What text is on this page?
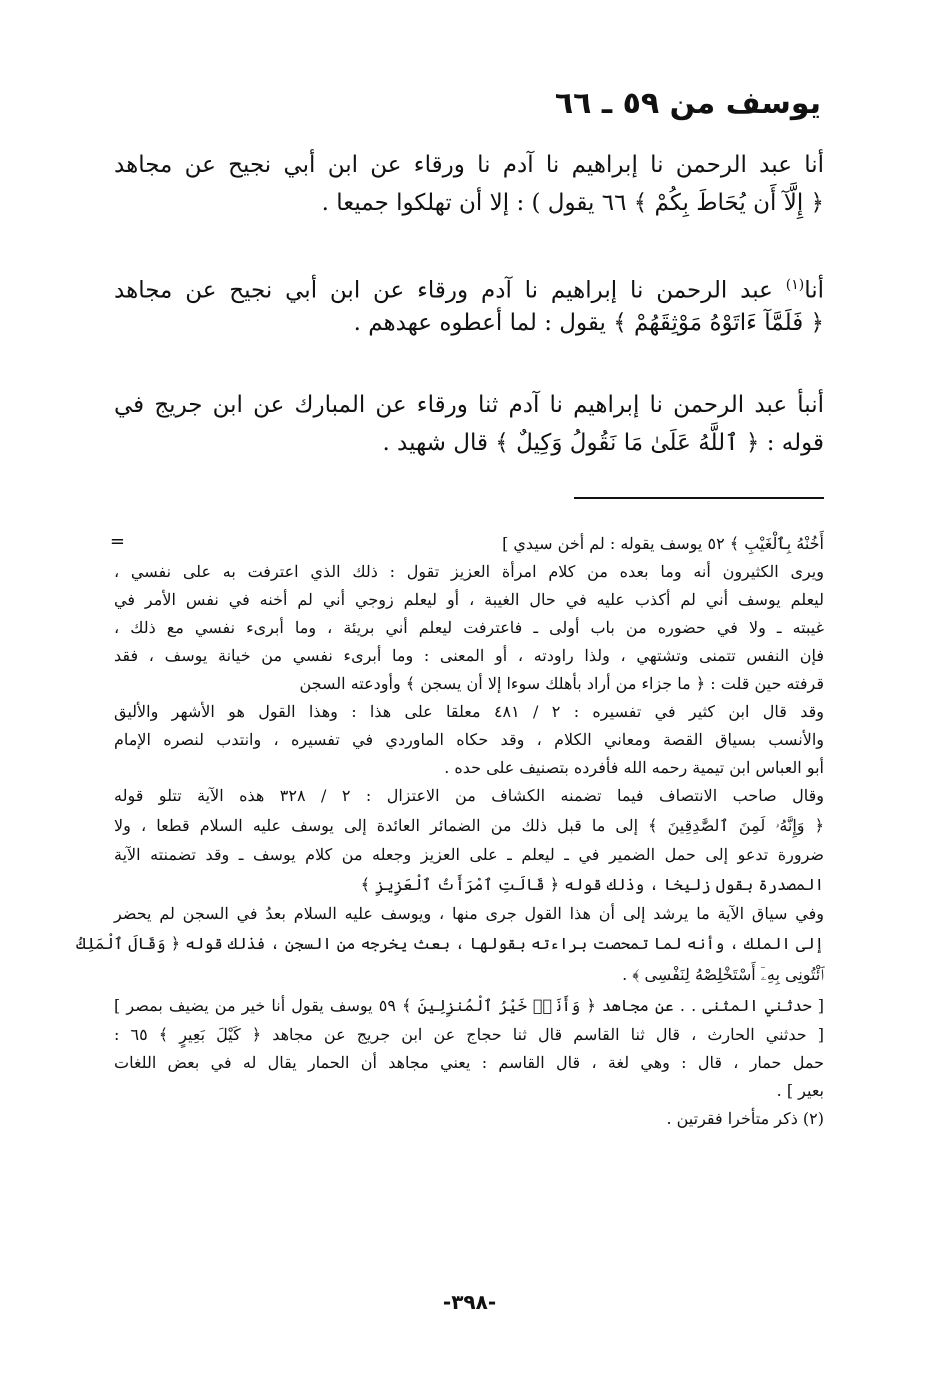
يوسف من ٥٩ ـ ٦٦

أنا عبد الرحمن نا إبراهيم نا آدم نا ورقاء عن ابن أبي نجيح عن مجاهد
﴿ إِلَّآ أَن يُحَاطَ بِكُمْ ﴾ ٦٦ يقول ) : إلا أن تهلكوا جميعا .

أنا$^{(١)}$ عبد الرحمن نا إبراهيم نا آدم ورقاء عن ابن أبي نجيح عن مجاهد
﴿ فَلَمَّآ ءَاتَوْهُ مَوْثِقَهُمْ ﴾ يقول : لما أعطوه عهدهم .

أنبأ عبد الرحمن نا إبراهيم نا آدم ثنا ورقاء عن المبارك عن ابن جريج في
قوله : ﴿ ٱللَّهُ عَلَىٰ مَا نَقُولُ وَكِيلٌ ﴾ قال شهيد .

=	أَخُنْهُ بِٱلْغَيْبِ ﴾ ٥٢ يوسف يقوله : لم أخن سيدي ]
ويرى الكثيرون أنه وما بعده من كلام امرأة العزيز تقول : ذلك الذي اعترفت به على نفسي ،
ليعلم يوسف أني لم أكذب عليه في حال الغيبة ، أو ليعلم زوجي أني لم أخنه في نفس الأمر في
غيبته ـ ولا في حضوره من باب أولى ـ فاعترفت ليعلم أني بريئة ، وما أبرىء نفسي مع ذلك ،
فإن النفس تتمنى وتشتهي ، ولذا راودته ، أو المعنى : وما أبرىء نفسي من خيانة يوسف ، فقد
قرفته حين قلت : ﴿ ما جزاء من أراد بأهلك سوءا إلا أن يسجن ﴾ وأودعته السجن
وقد قال ابن كثير في تفسيره : ٢ / ٤٨١ معلقا على هذا : وهذا القول هو الأشهر والأليق
والأنسب بسياق القصة ومعاني الكلام ، وقد حكاه الماوردي في تفسيره ، وانتدب لنصره الإمام
أبو العباس ابن تيمية رحمه الله فأفرده بتصنيف على حده .
وقال صاحب الانتصاف فيما تضمنه الكشاف من الاعتزال : ٢ / ٣٢٨ هذه الآية تتلو قوله
﴿ وَإِنَّهُۥ لَمِنَ ٱلصَّٰدِقِينَ ﴾ إلى ما قبل ذلك من الضمائر العائدة إلى يوسف عليه السلام قطعا ، ولا
ضرورة تدعو إلى حمل الضمير في ـ ليعلم ـ على العزيز وجعله من كلام يوسف ـ وقد تضمنته الآية
المصدرة بقول زليخا ، وذلك قوله ﴿ قَالَتِ ٱمْرَأَتُ ٱلْعَزِيزِ ﴾
وفي سياق الآية ما يرشد إلى أن هذا القول جرى منها ، ويوسف عليه السلام بعدُ في السجن لم يحضر
إلى الملك ، وأنه لما تمحصت براءته بقولها ، بعث يخرجه من السجن ، فذلك قوله ﴿ وَقَالَ ٱلْمَلِكُ
ٱئْتُونِى بِهِۦٓ أَسْتَخْلِصْهُ لِنَفْسِى ﴾ .
[ حدثني المثنى . . عن مجاهد ﴿ وَأَنَا۠ خَيْرُ ٱلْمُنزِلِينَ ﴾ ٥٩ يوسف يقول أنا خير من يضيف بمصر ]
[ حدثني الحارث ، قال ثنا القاسم قال ثنا حجاج عن ابن جريج عن مجاهد ﴿ كَيْلَ بَعِيرٍ ﴾ ٦٥ :
حمل حمار ، قال : وهي لغة ، قال القاسم : يعني مجاهد أن الحمار يقال له في بعض اللغات
بعير ] .
(٢) ذكر متأخرا فقرتين .
-٣٩٨-
